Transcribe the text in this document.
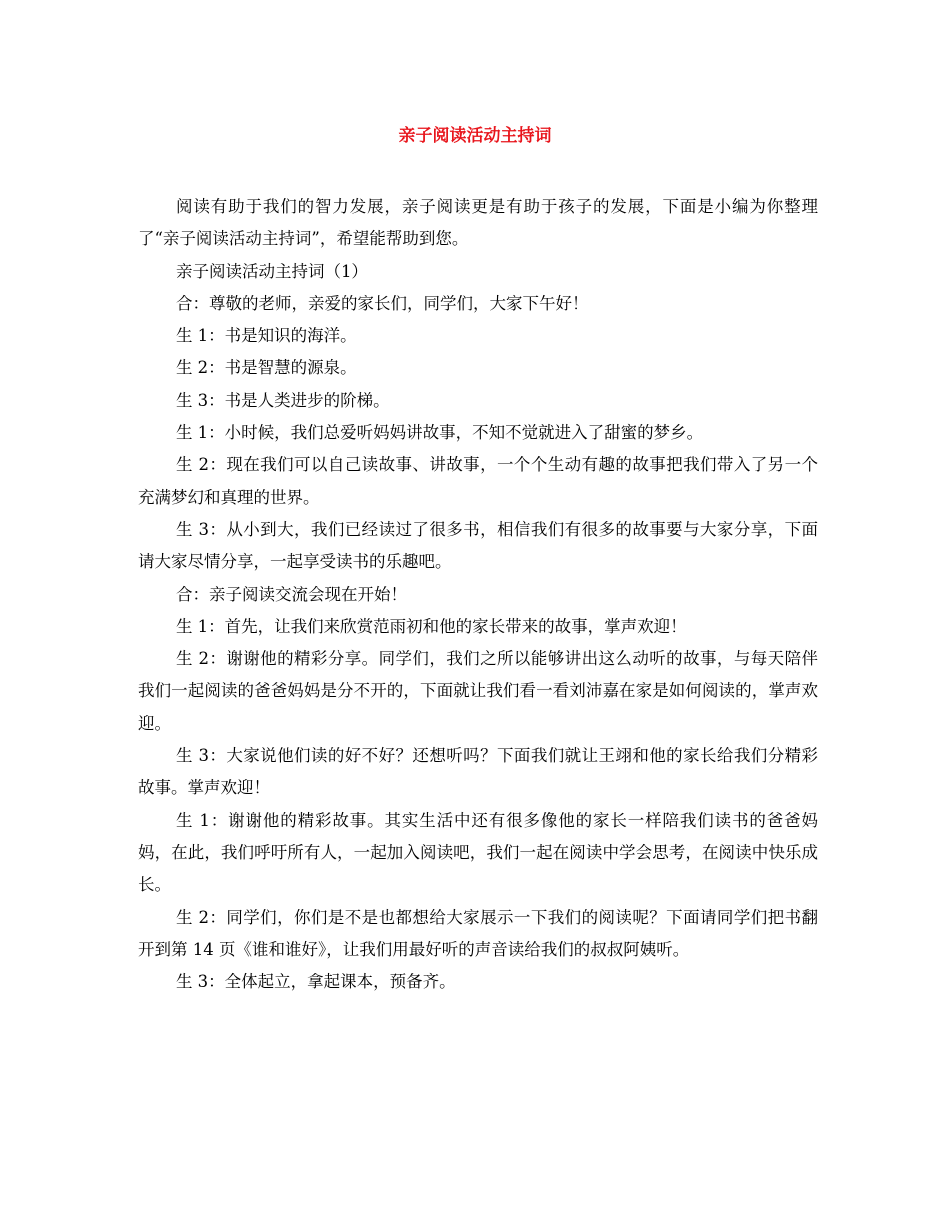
亲子阅读活动主持词

阅读有助于我们的智力发展，亲子阅读更是有助于孩子的发展，下面是小编为你整理了“亲子阅读活动主持词”，希望能帮助到您。

亲子阅读活动主持词（1）

合：尊敬的老师，亲爱的家长们，同学们，大家下午好！

生 1：书是知识的海洋。

生 2：书是智慧的源泉。

生 3：书是人类进步的阶梯。

生 1：小时候，我们总爱听妈妈讲故事，不知不觉就进入了甜蜜的梦乡。

生 2：现在我们可以自己读故事、讲故事，一个个生动有趣的故事把我们带入了另一个充满梦幻和真理的世界。

生 3：从小到大，我们已经读过了很多书，相信我们有很多的故事要与大家分享，下面请大家尽情分享，一起享受读书的乐趣吧。

合：亲子阅读交流会现在开始！

生 1：首先，让我们来欣赏范雨初和他的家长带来的故事，掌声欢迎！

生 2：谢谢他的精彩分享。同学们，我们之所以能够讲出这么动听的故事，与每天陪伴我们一起阅读的爸爸妈妈是分不开的，下面就让我们看一看刘沛嘉在家是如何阅读的，掌声欢迎。

生 3：大家说他们读的好不好？还想听吗？下面我们就让王翊和他的家长给我们分精彩故事。掌声欢迎！

生 1：谢谢他的精彩故事。其实生活中还有很多像他的家长一样陪我们读书的爸爸妈妈，在此，我们呼吁所有人，一起加入阅读吧，我们一起在阅读中学会思考，在阅读中快乐成长。

生 2：同学们，你们是不是也都想给大家展示一下我们的阅读呢？下面请同学们把书翻开到第 14 页《谁和谁好》，让我们用最好听的声音读给我们的叔叔阿姨听。

生 3：全体起立，拿起课本，预备齐。
